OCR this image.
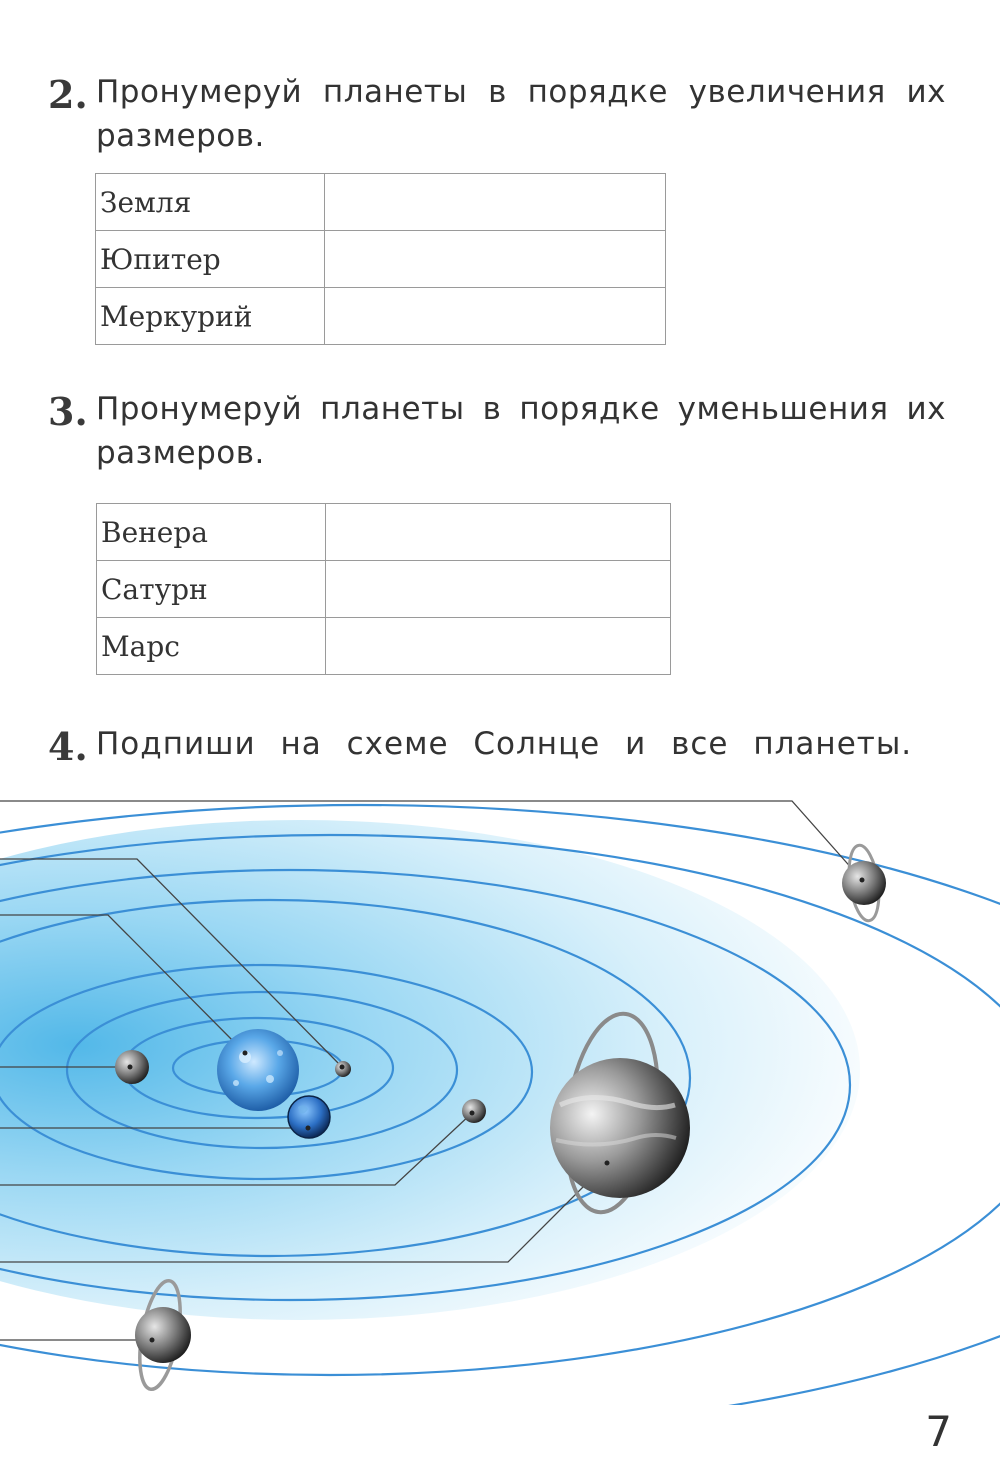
2. Пронумеруй планеты в порядке увеличения их размеров.
Земля	
Юпитер	
Меркурий	
3. Пронумеруй планеты в порядке уменьшения их размеров.
Венера	
Сатурн	
Марс	
4. Подпиши на схеме Солнце и все планеты.
7
